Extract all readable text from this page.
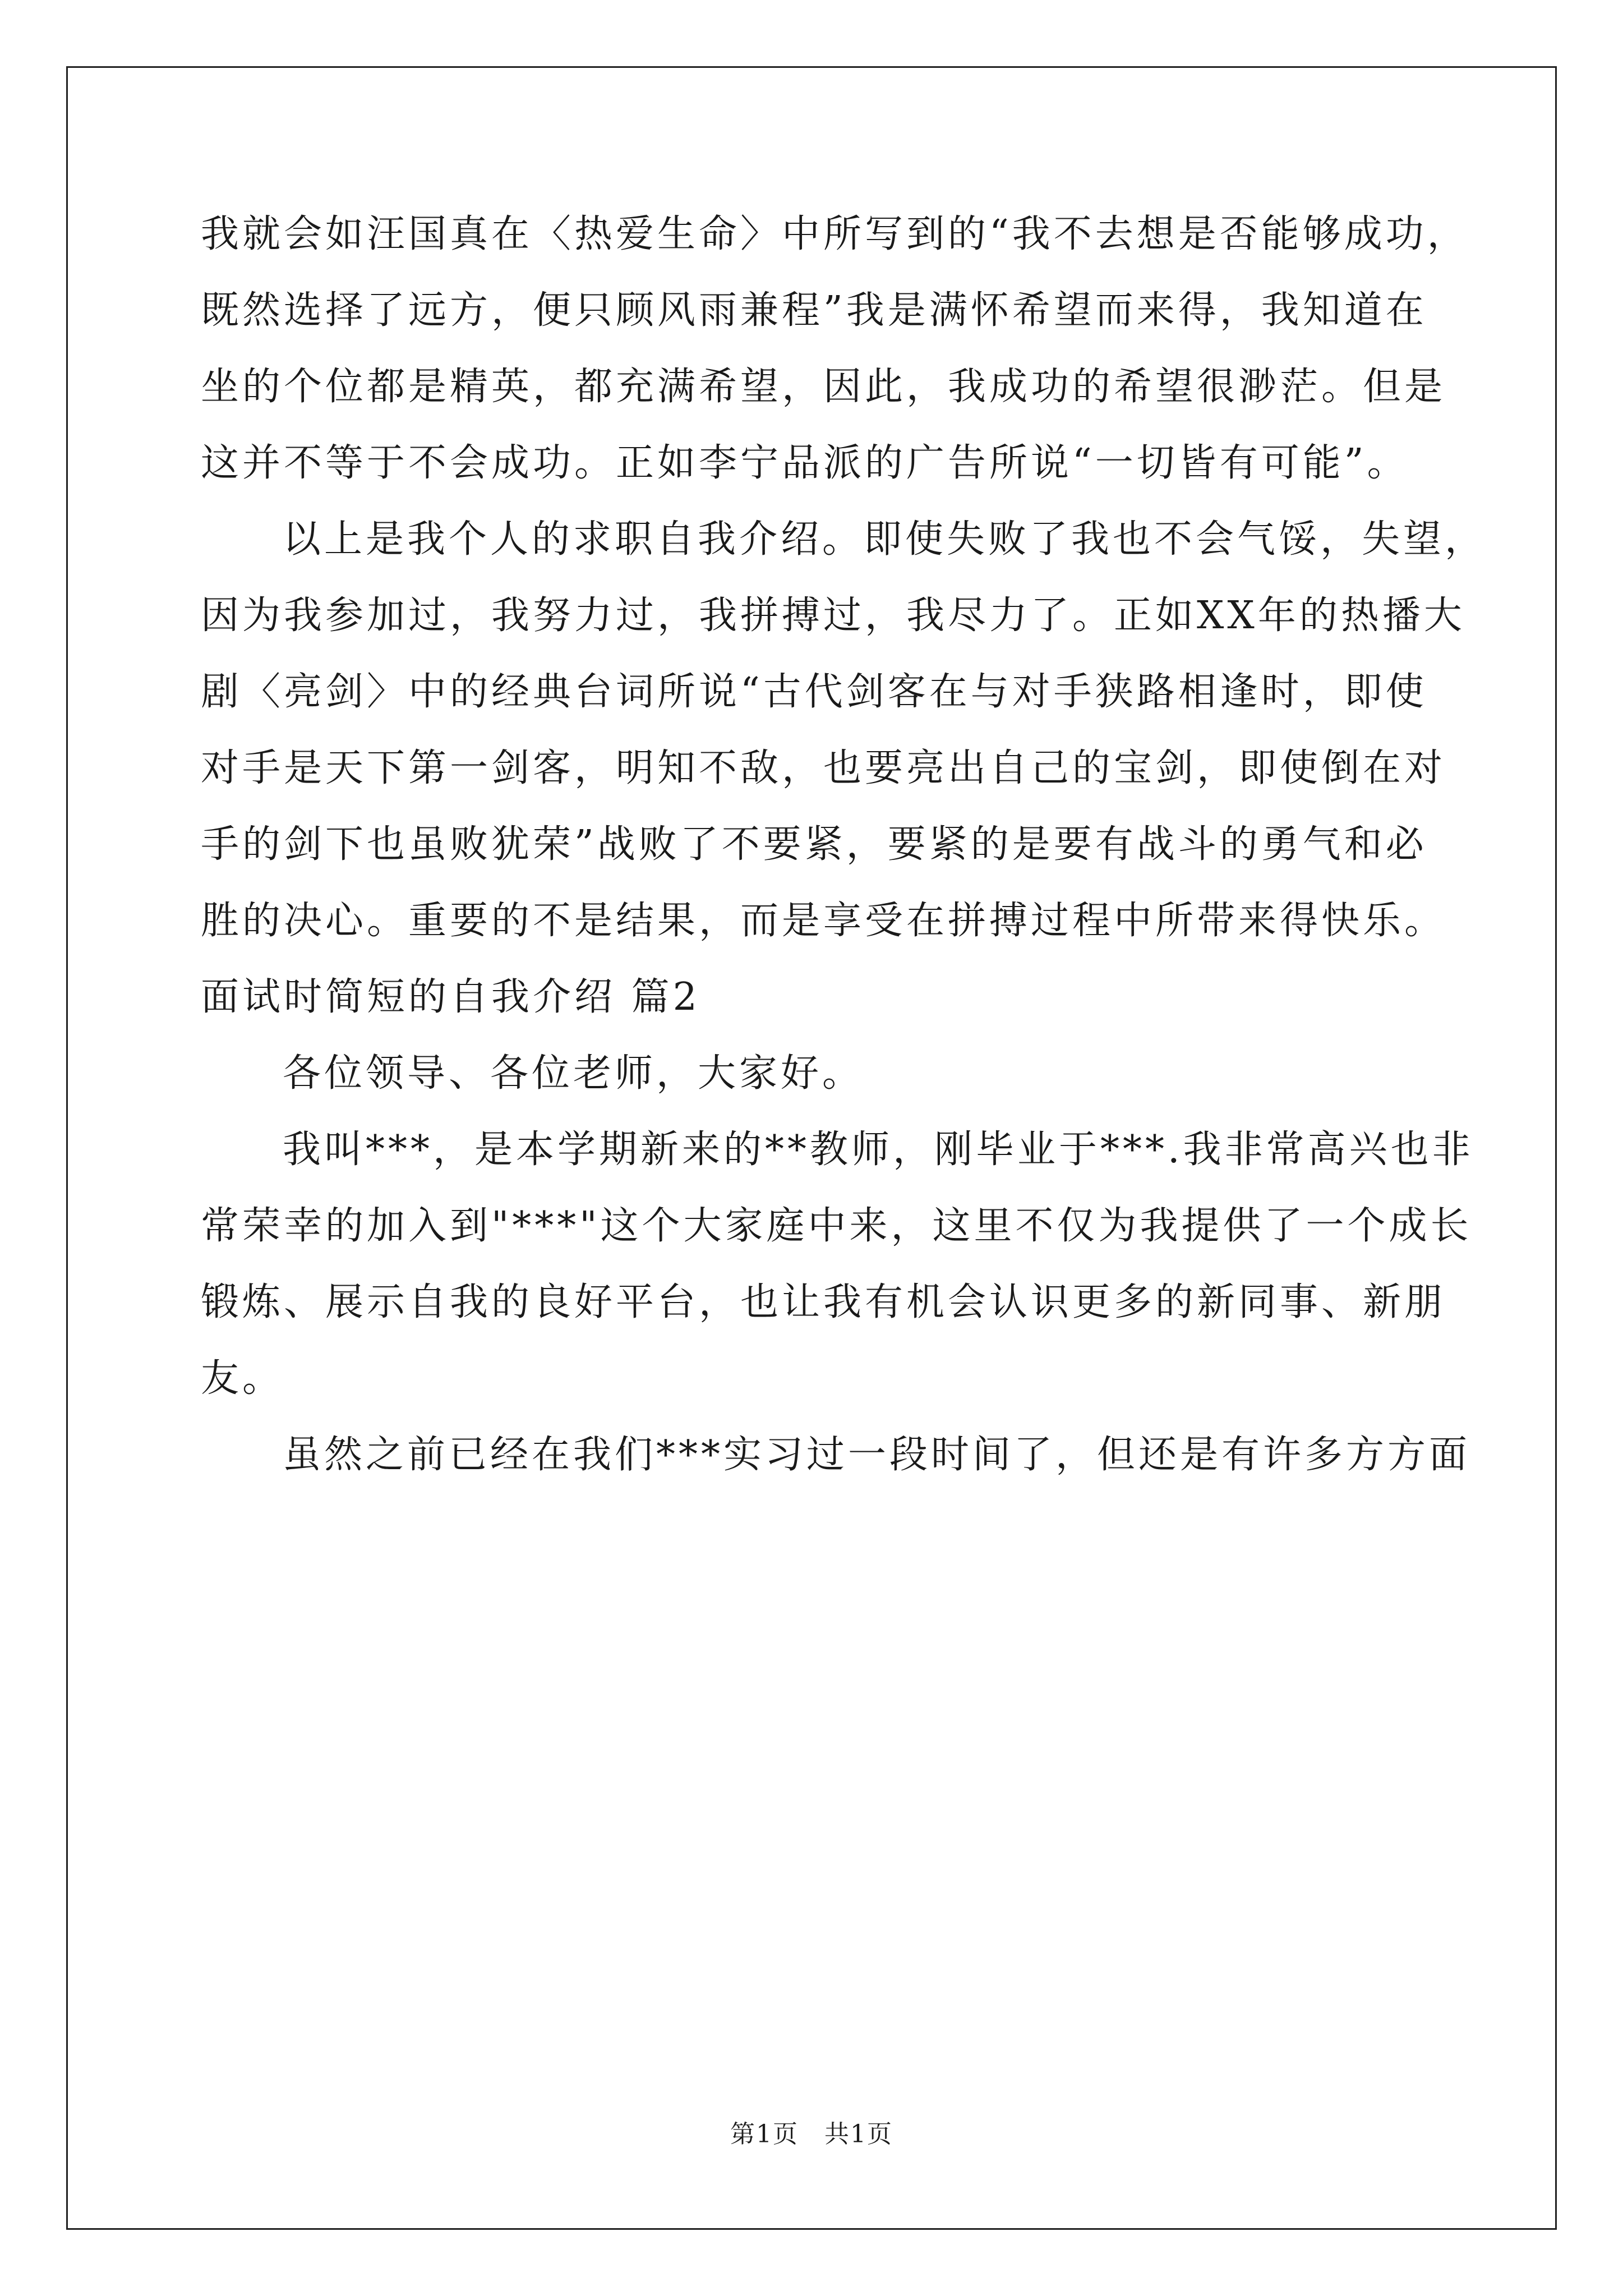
我就会如汪国真在〈热爱生命〉中所写到的“我不去想是否能够成功，

既然选择了远方，便只顾风雨兼程”我是满怀希望而来得，我知道在

坐的个位都是精英，都充满希望，因此，我成功的希望很渺茫。但是

这并不等于不会成功。正如李宁品派的广告所说“一切皆有可能”。

以上是我个人的求职自我介绍。即使失败了我也不会气馁，失望，

因为我参加过，我努力过，我拼搏过，我尽力了。正如XX年的热播大

剧〈亮剑〉中的经典台词所说“古代剑客在与对手狭路相逢时，即使

对手是天下第一剑客，明知不敌，也要亮出自己的宝剑，即使倒在对

手的剑下也虽败犹荣”战败了不要紧，要紧的是要有战斗的勇气和必

胜的决心。重要的不是结果，而是享受在拼搏过程中所带来得快乐。

面试时简短的自我介绍 篇2

各位领导、各位老师，大家好。

我叫***，是本学期新来的**教师，刚毕业于***.我非常高兴也非

常荣幸的加入到"***"这个大家庭中来，这里不仅为我提供了一个成长

锻炼、展示自我的良好平台，也让我有机会认识更多的新同事、新朋

友。

虽然之前已经在我们***实习过一段时间了，但还是有许多方方面

第1页　共1页
